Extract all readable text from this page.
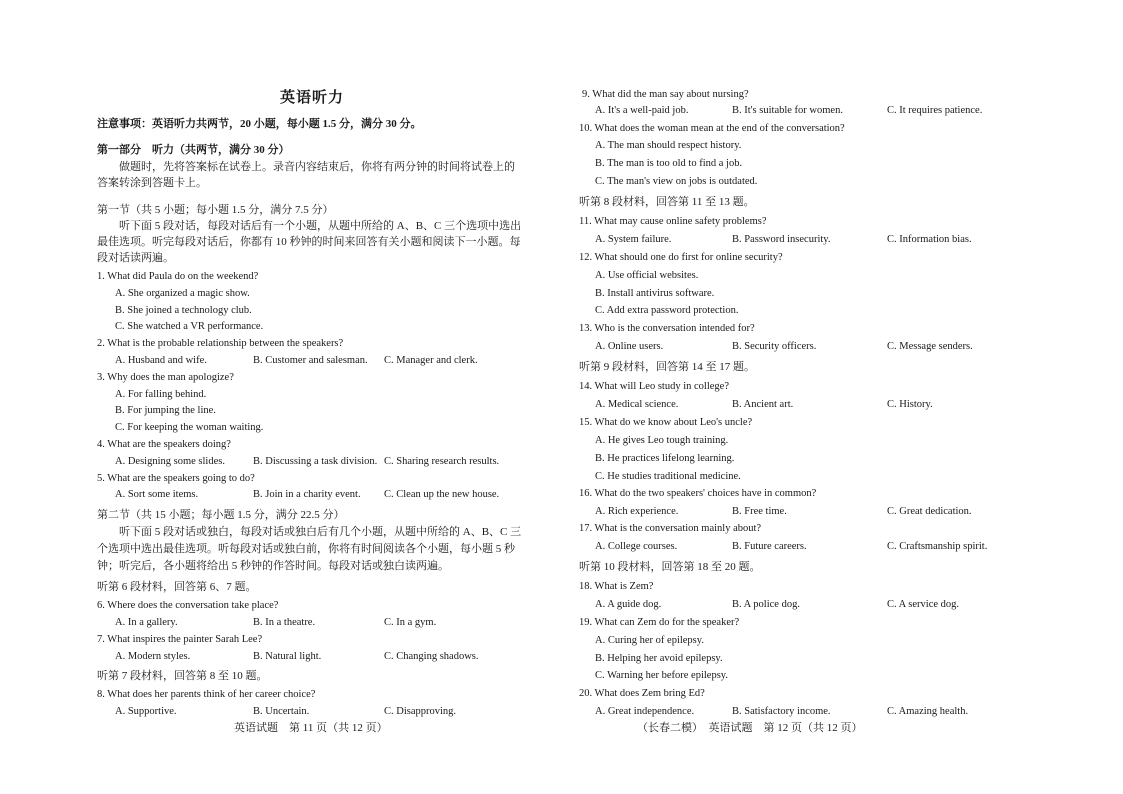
英语听力
注意事项：英语听力共两节，20 小题，每小题 1.5 分，满分 30 分。
第一部分　听力（共两节，满分 30 分）
做题时，先将答案标在试卷上。录音内容结束后，你将有两分钟的时间将试卷上的
答案转涂到答题卡上。
第一节（共 5 小题；每小题 1.5 分，满分 7.5 分）
听下面 5 段对话，每段对话后有一个小题，从题中所给的 A、B、C 三个选项中选出
最佳选项。听完每段对话后，你都有 10 秒钟的时间来回答有关小题和阅读下一小题。每
段对话读两遍。
1. What did Paula do on the weekend?
A. She organized a magic show.
B. She joined a technology club.
C. She watched a VR performance.
2. What is the probable relationship between the speakers?
A. Husband and wife.	B. Customer and salesman. C. Manager and clerk.
3. Why does the man apologize?
A. For falling behind.
B. For jumping the line.
C. For keeping the woman waiting.
4. What are the speakers doing?
A. Designing some slides.	B. Discussing a task division. C. Sharing research results.
5. What are the speakers going to do?
A. Sort some items.	B. Join in a charity event. C. Clean up the new house.
第二节（共 15 小题；每小题 1.5 分，满分 22.5 分）
听下面 5 段对话或独白，每段对话或独白后有几个小题，从题中所给的 A、B、C 三
个选项中选出最佳选项。听每段对话或独白前，你将有时间阅读各个小题，每小题 5 秒
钟；听完后，各小题将给出 5 秒钟的作答时间。每段对话或独白读两遍。
听第 6 段材料，回答第 6、7 题。
6. Where does the conversation take place?
A. In a gallery.	B. In a theatre.	C. In a gym.
7. What inspires the painter Sarah Lee?
A. Modern styles.	B. Natural light.	C. Changing shadows.
听第 7 段材料，回答第 8 至 10 题。
8. What does her parents think of her career choice?
A. Supportive.	B. Uncertain.	C. Disapproving.
英语试题　第 11 页（共 12 页）
9. What did the man say about nursing?
A. It's a well-paid job.	B. It's suitable for women.	C. It requires patience.
10. What does the woman mean at the end of the conversation?
A. The man should respect history.
B. The man is too old to find a job.
C. The man's view on jobs is outdated.
听第 8 段材料，回答第 11 至 13 题。
11. What may cause online safety problems?
A. System failure.	B. Password insecurity.	C. Information bias.
12. What should one do first for online security?
A. Use official websites.
B. Install antivirus software.
C. Add extra password protection.
13. Who is the conversation intended for?
A. Online users.	B. Security officers.	C. Message senders.
听第 9 段材料，回答第 14 至 17 题。
14. What will Leo study in college?
A. Medical science.	B. Ancient art.	C. History.
15. What do we know about Leo's uncle?
A. He gives Leo tough training.
B. He practices lifelong learning.
C. He studies traditional medicine.
16. What do the two speakers' choices have in common?
A. Rich experience.	B. Free time.	C. Great dedication.
17. What is the conversation mainly about?
A. College courses.	B. Future careers.	C. Craftsmanship spirit.
听第 10 段材料，回答第 18 至 20 题。
18. What is Zem?
A. A guide dog.	B. A police dog.	C. A service dog.
19. What can Zem do for the speaker?
A. Curing her of epilepsy.
B. Helping her avoid epilepsy.
C. Warning her before epilepsy.
20. What does Zem bring Ed?
A. Great independence.	B. Satisfactory income.	C. Amazing health.
（长春二模）　英语试题　第 12 页（共 12 页）
